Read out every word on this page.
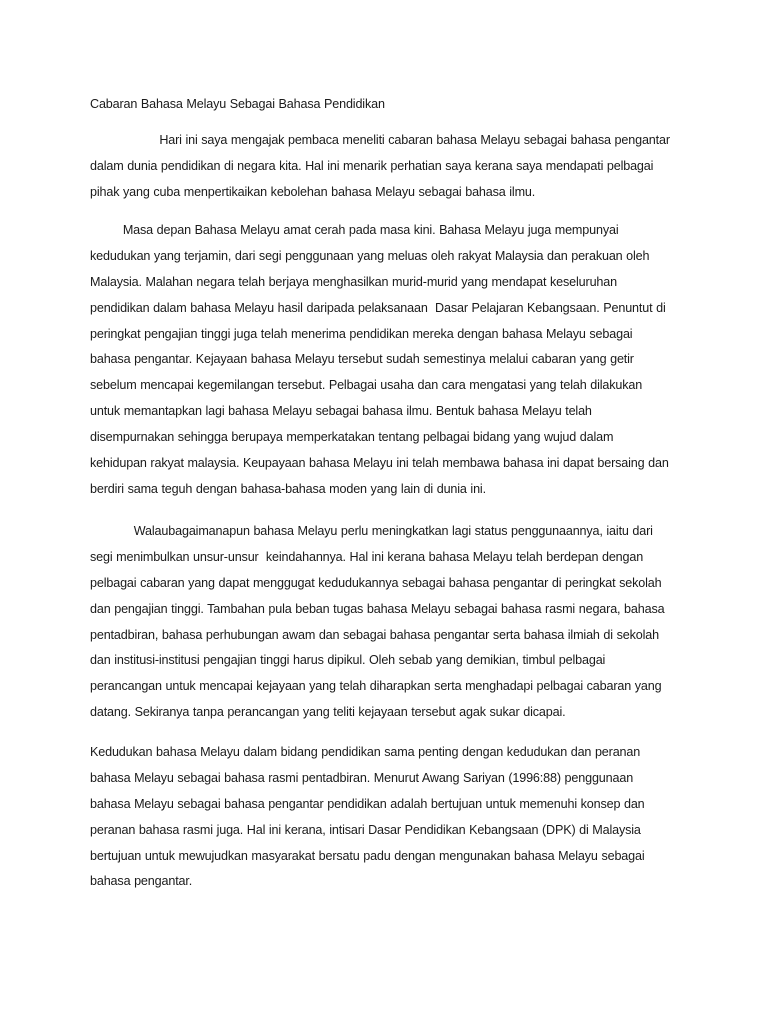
Cabaran Bahasa Melayu Sebagai Bahasa Pendidikan
Hari ini saya mengajak pembaca meneliti cabaran bahasa Melayu sebagai bahasa pengantar
dalam dunia pendidikan di negara kita. Hal ini menarik perhatian saya kerana saya mendapati pelbagai
pihak yang cuba menpertikaikan kebolehan bahasa Melayu sebagai bahasa ilmu.
Masa depan Bahasa Melayu amat cerah pada masa kini. Bahasa Melayu juga mempunyai
kedudukan yang terjamin, dari segi penggunaan yang meluas oleh rakyat Malaysia dan perakuan oleh
Malaysia. Malahan negara telah berjaya menghasilkan murid-murid yang mendapat keseluruhan
pendidikan dalam bahasa Melayu hasil daripada pelaksanaan  Dasar Pelajaran Kebangsaan. Penuntut di
peringkat pengajian tinggi juga telah menerima pendidikan mereka dengan bahasa Melayu sebagai
bahasa pengantar. Kejayaan bahasa Melayu tersebut sudah semestinya melalui cabaran yang getir
sebelum mencapai kegemilangan tersebut. Pelbagai usaha dan cara mengatasi yang telah dilakukan
untuk memantapkan lagi bahasa Melayu sebagai bahasa ilmu. Bentuk bahasa Melayu telah
disempurnakan sehingga berupaya memperkatakan tentang pelbagai bidang yang wujud dalam
kehidupan rakyat malaysia. Keupayaan bahasa Melayu ini telah membawa bahasa ini dapat bersaing dan
berdiri sama teguh dengan bahasa-bahasa moden yang lain di dunia ini.
Walaubagaimanapun bahasa Melayu perlu meningkatkan lagi status penggunaannya, iaitu dari
segi menimbulkan unsur-unsur  keindahannya. Hal ini kerana bahasa Melayu telah berdepan dengan
pelbagai cabaran yang dapat menggugat kedudukannya sebagai bahasa pengantar di peringkat sekolah
dan pengajian tinggi. Tambahan pula beban tugas bahasa Melayu sebagai bahasa rasmi negara, bahasa
pentadbiran, bahasa perhubungan awam dan sebagai bahasa pengantar serta bahasa ilmiah di sekolah
dan institusi-institusi pengajian tinggi harus dipikul. Oleh sebab yang demikian, timbul pelbagai
perancangan untuk mencapai kejayaan yang telah diharapkan serta menghadapi pelbagai cabaran yang
datang. Sekiranya tanpa perancangan yang teliti kejayaan tersebut agak sukar dicapai.
Kedudukan bahasa Melayu dalam bidang pendidikan sama penting dengan kedudukan dan peranan
bahasa Melayu sebagai bahasa rasmi pentadbiran. Menurut Awang Sariyan (1996:88) penggunaan
bahasa Melayu sebagai bahasa pengantar pendidikan adalah bertujuan untuk memenuhi konsep dan
peranan bahasa rasmi juga. Hal ini kerana, intisari Dasar Pendidikan Kebangsaan (DPK) di Malaysia
bertujuan untuk mewujudkan masyarakat bersatu padu dengan mengunakan bahasa Melayu sebagai
bahasa pengantar.
